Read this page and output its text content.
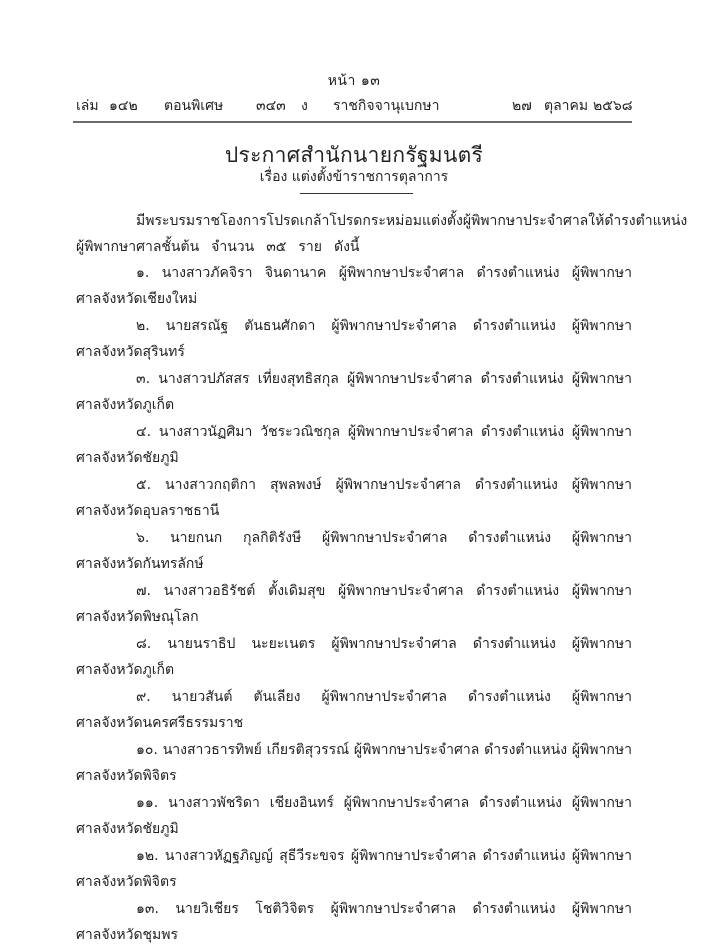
หน้า ๑๓
เล่ม ๑๔๒ ตอนพิเศษ ๓๔๓ ง ราชกิจจานุเบกษา	๒๗ ตุลาคม ๒๕๖๘
ประกาศสำนักนายกรัฐมนตรี
เรื่อง แต่งตั้งข้าราชการตุลาการ
มีพระบรมราชโองการโปรดเกล้าโปรดกระหม่อมแต่งตั้งผู้พิพากษาประจำศาล ให้ดำรงตำแหน่ง
ผู้พิพากษาศาลชั้นต้น จำนวน ๓๕ ราย ดังนี้
๑. นางสาวภัคจิรา จินดานาค ผู้พิพากษาประจำศาล ดำรงตำแหน่ง ผู้พิพากษา
ศาลจังหวัดเชียงใหม่
๒. นายสรณัฐ ตันธนศักดา ผู้พิพากษาประจำศาล ดำรงตำแหน่ง ผู้พิพากษา
ศาลจังหวัดสุรินทร์
๓. นางสาวปภัสสร เที่ยงสุทธิสกุล ผู้พิพากษาประจำศาล ดำรงตำแหน่ง ผู้พิพากษา
ศาลจังหวัดภูเก็ต
๔. นางสาวนัฏศิมา วัชระวณิชกุล ผู้พิพากษาประจำศาล ดำรงตำแหน่ง ผู้พิพากษา
ศาลจังหวัดชัยภูมิ
๕. นางสาวกฤติกา สุพลพงษ์ ผู้พิพากษาประจำศาล ดำรงตำแหน่ง ผู้พิพากษา
ศาลจังหวัดอุบลราชธานี
๖. นายกนก กุลกิติรังษี ผู้พิพากษาประจำศาล ดำรงตำแหน่ง ผู้พิพากษา
ศาลจังหวัดกันทรลักษ์
๗. นางสาวอธิรัชต์ ตั้งเดิมสุข ผู้พิพากษาประจำศาล ดำรงตำแหน่ง ผู้พิพากษา
ศาลจังหวัดพิษณุโลก
๘. นายนราธิป นะยะเนตร ผู้พิพากษาประจำศาล ดำรงตำแหน่ง ผู้พิพากษา
ศาลจังหวัดภูเก็ต
๙. นายวสันต์ ตันเลียง ผู้พิพากษาประจำศาล ดำรงตำแหน่ง ผู้พิพากษา
ศาลจังหวัดนครศรีธรรมราช
๑๐. นางสาวธารทิพย์ เกียรติสุวรรณ์ ผู้พิพากษาประจำศาล ดำรงตำแหน่ง ผู้พิพากษา
ศาลจังหวัดพิจิตร
๑๑. นางสาวพัชริดา เชียงอินทร์ ผู้พิพากษาประจำศาล ดำรงตำแหน่ง ผู้พิพากษา
ศาลจังหวัดชัยภูมิ
๑๒. นางสาวหัฏฐภิญญ์ สุธีวีระขจร ผู้พิพากษาประจำศาล ดำรงตำแหน่ง ผู้พิพากษา
ศาลจังหวัดพิจิตร
๑๓. นายวิเชียร โชติวิจิตร ผู้พิพากษาประจำศาล ดำรงตำแหน่ง ผู้พิพากษา
ศาลจังหวัดชุมพร
